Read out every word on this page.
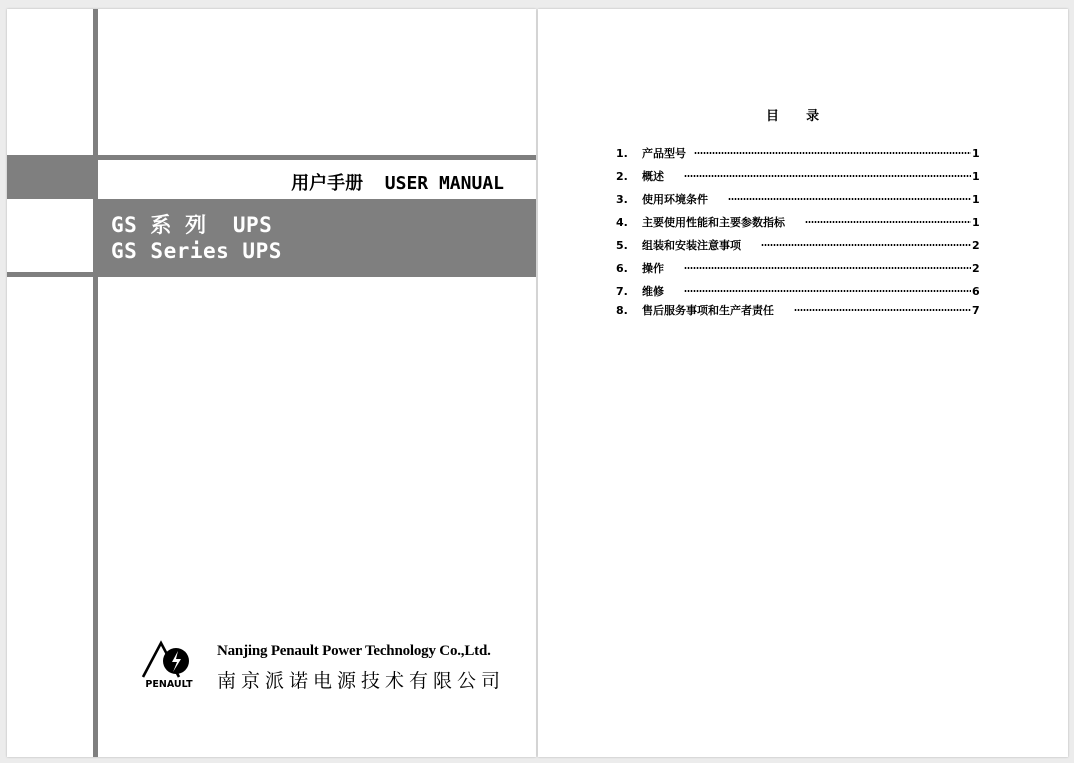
用户手册  USER MANUAL
GS 系 列  UPS
GS Series UPS
PENAULT
Nanjing Penault Power Technology Co.,Ltd.
南京派诺电源技术有限公司
目      录
1.	产品型号	1
2.	概述	1
3.	使用环境条件	1
4.	主要使用性能和主要参数指标	1
5.	组装和安装注意事项	2
6.	操作	2
7.	维修	6
8.	售后服务事项和生产者责任	7
